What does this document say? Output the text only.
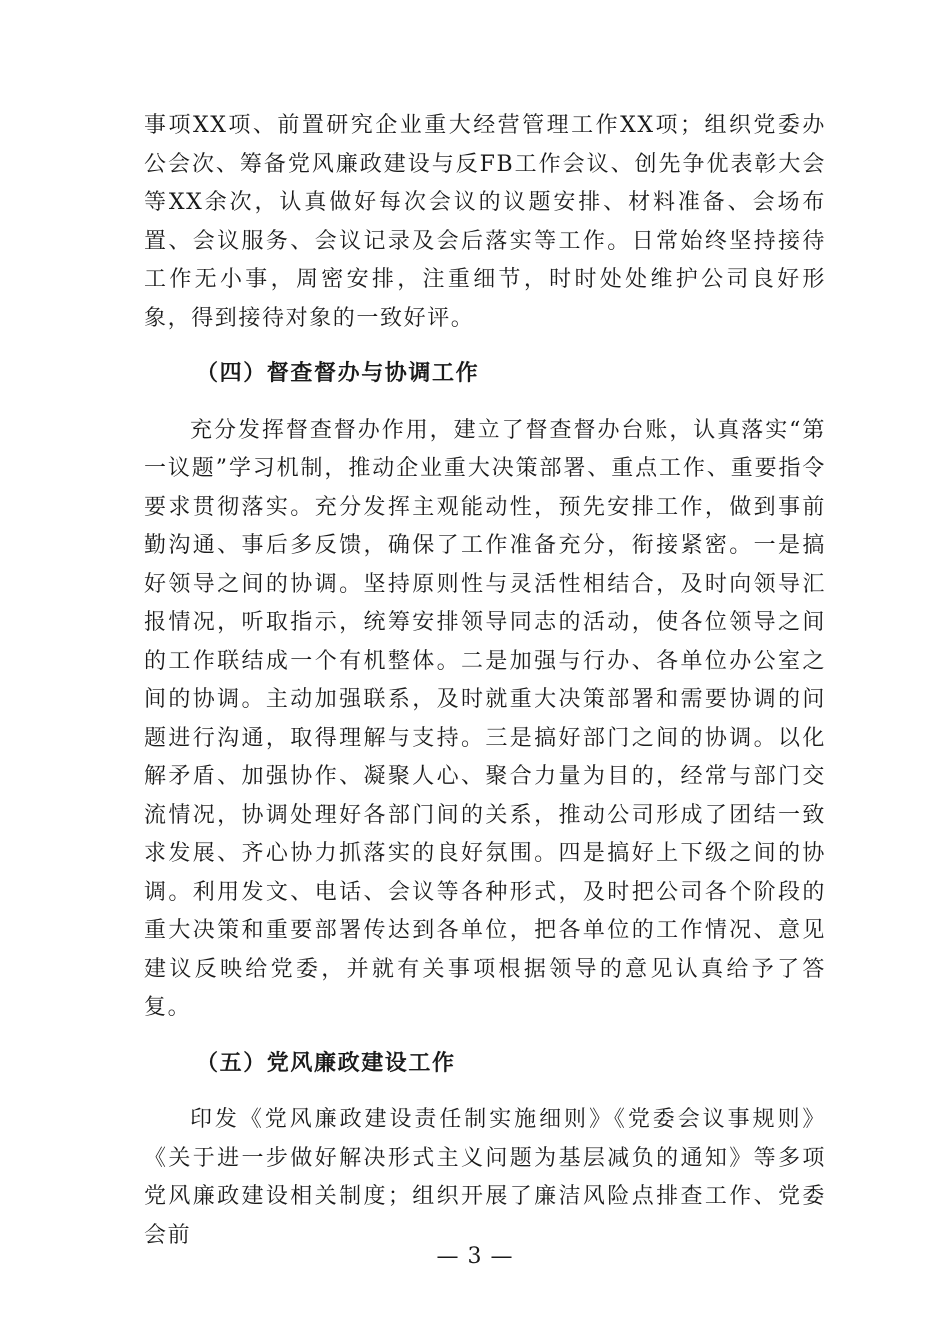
事项XX项、前置研究企业重大经营管理工作XX项；组织党委办公会次、筹备党风廉政建设与反FB工作会议、创先争优表彰大会等XX余次，认真做好每次会议的议题安排、材料准备、会场布置、会议服务、会议记录及会后落实等工作。日常始终坚持接待工作无小事，周密安排，注重细节，时时处处维护公司良好形象，得到接待对象的一致好评。

（四）督查督办与协调工作

充分发挥督查督办作用，建立了督查督办台账，认真落实“第一议题”学习机制，推动企业重大决策部署、重点工作、重要指令要求贯彻落实。充分发挥主观能动性，预先安排工作，做到事前勤沟通、事后多反馈，确保了工作准备充分，衔接紧密。一是搞好领导之间的协调。坚持原则性与灵活性相结合，及时向领导汇报情况，听取指示，统筹安排领导同志的活动，使各位领导之间的工作联结成一个有机整体。二是加强与行办、各单位办公室之间的协调。主动加强联系，及时就重大决策部署和需要协调的问题进行沟通，取得理解与支持。三是搞好部门之间的协调。以化解矛盾、加强协作、凝聚人心、聚合力量为目的，经常与部门交流情况，协调处理好各部门间的关系，推动公司形成了团结一致求发展、齐心协力抓落实的良好氛围。四是搞好上下级之间的协调。利用发文、电话、会议等各种形式，及时把公司各个阶段的重大决策和重要部署传达到各单位，把各单位的工作情况、意见建议反映给党委，并就有关事项根据领导的意见认真给予了答复。

（五）党风廉政建设工作

印发《党风廉政建设责任制实施细则》《党委会议事规则》《关于进一步做好解决形式主义问题为基层减负的通知》等多项党风廉政建设相关制度；组织开展了廉洁风险点排查工作、党委会前

— 3 —
